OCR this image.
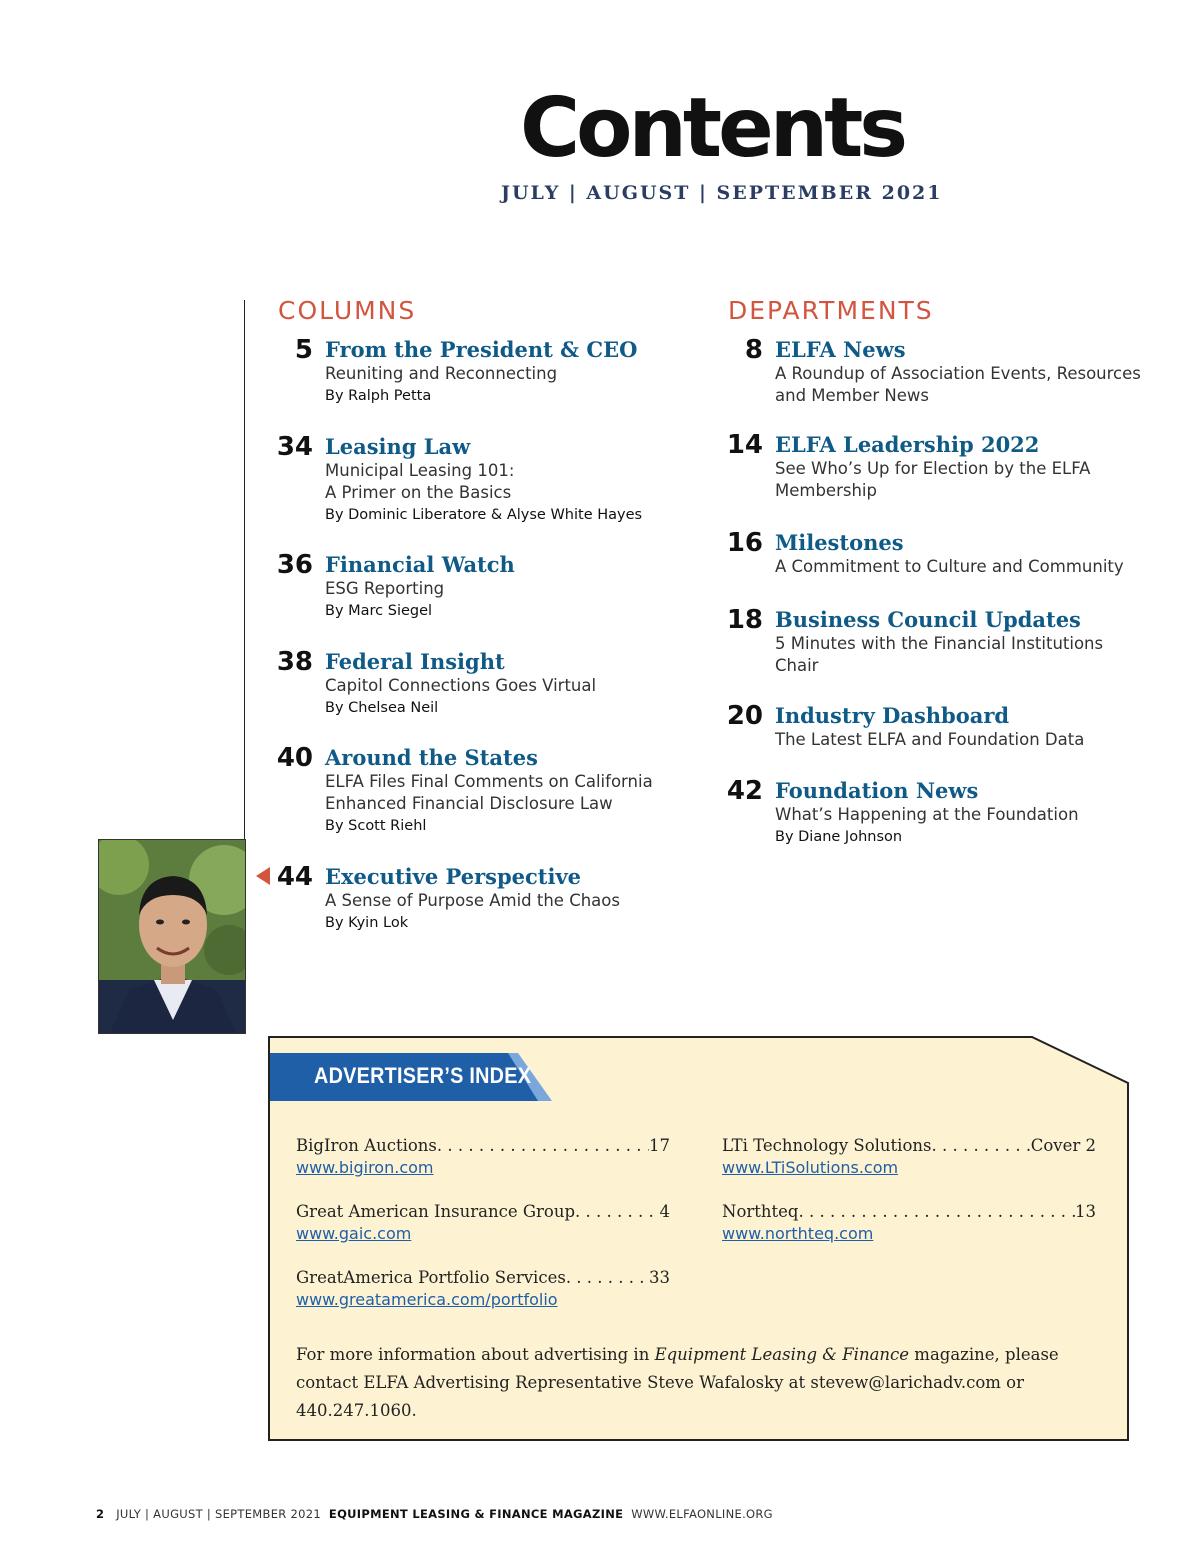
Contents
JULY | AUGUST | SEPTEMBER 2021
COLUMNS	DEPARTMENTS
5 From the President & CEO
Reuniting and Reconnecting
By Ralph Petta
34 Leasing Law
Municipal Leasing 101:
A Primer on the Basics
By Dominic Liberatore & Alyse White Hayes
36 Financial Watch
ESG Reporting
By Marc Siegel
38 Federal Insight
Capitol Connections Goes Virtual
By Chelsea Neil
40 Around the States
ELFA Files Final Comments on California
Enhanced Financial Disclosure Law
By Scott Riehl
44 Executive Perspective
A Sense of Purpose Amid the Chaos
By Kyin Lok
8 ELFA News
A Roundup of Association Events, Resources
and Member News
14 ELFA Leadership 2022
See Who’s Up for Election by the ELFA
Membership
16 Milestones
A Commitment to Culture and Community
18 Business Council Updates
5 Minutes with the Financial Institutions
Chair
20 Industry Dashboard
The Latest ELFA and Foundation Data
42 Foundation News
What’s Happening at the Foundation
By Diane Johnson
ADVERTISER’S INDEX
BigIron Auctions . . .	17
www.bigiron.com
LTi Technology Solutions . . .	Cover 2
www.LTiSolutions.com
Great American Insurance Group . . .	4
www.gaic.com
Northteq . . .	13
www.northteq.com
GreatAmerica Portfolio Services . . .	33
www.greatamerica.com/portfolio
For more information about advertising in Equipment Leasing & Finance magazine, please contact ELFA Advertising Representative Steve Wafalosky at stevew@larichadv.com or 440.247.1060.
2 JULY | AUGUST | SEPTEMBER 2021 EQUIPMENT LEASING & FINANCE MAGAZINE WWW.ELFAONLINE.ORG
